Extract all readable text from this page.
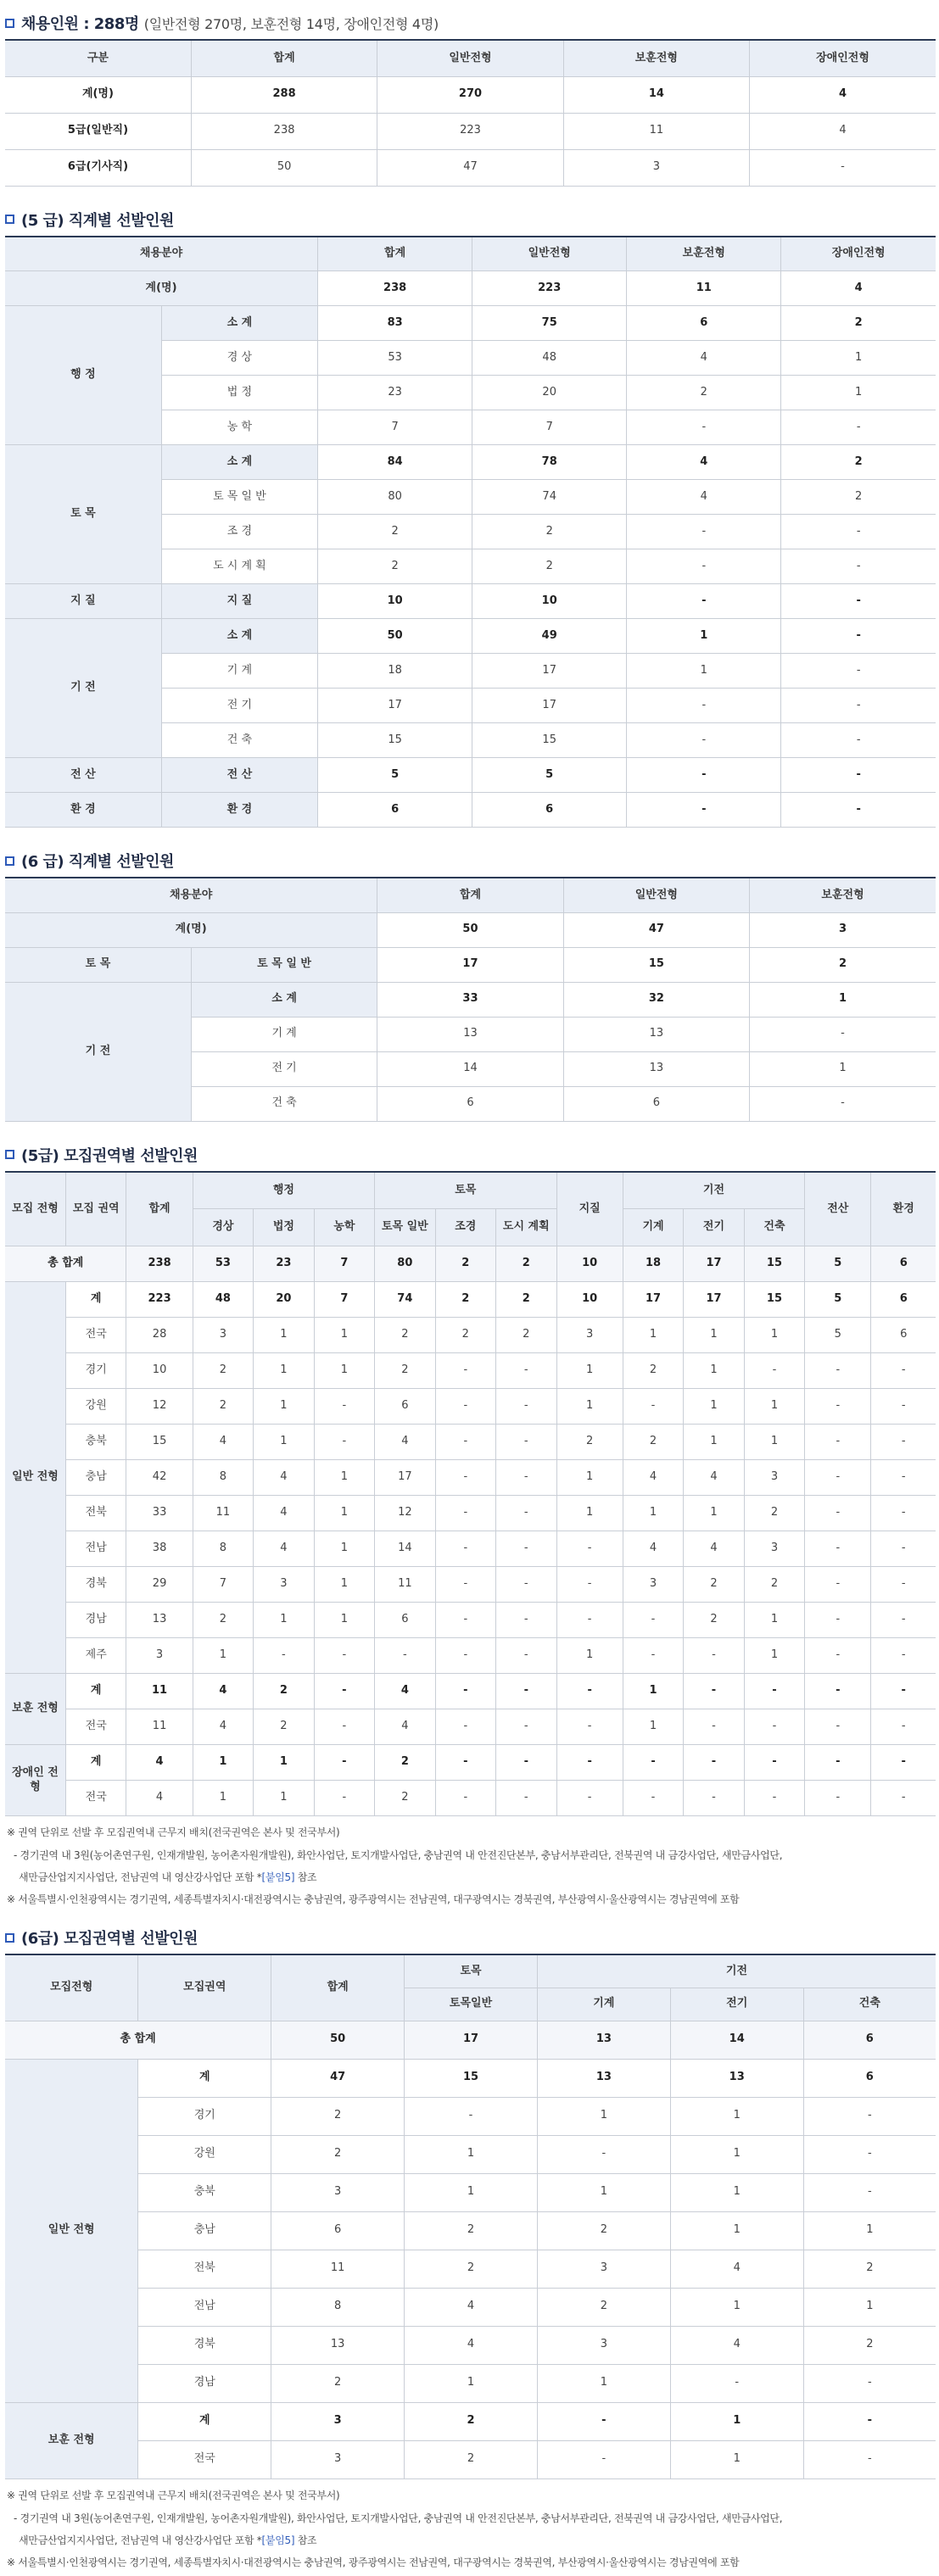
채용인원 : 288명 (일반전형 270명, 보훈전형 14명, 장애인전형 4명)
구분	합계	일반전형	보훈전형	장애인전형
계(명)	288	270	14	4
5급(일반직)	238	223	11	4
6급(기사직)	50	47	3	-
(5 급) 직계별 선발인원
채용분야		합계	일반전형	보훈전형	장애인전형
계(명)		238	223	11	4
행 정	소 계	83	75	6	2
	경 상	53	48	4	1
	법 정	23	20	2	1
	농 학	7	7	-	-
토 목	소 계	84	78	4	2
	토 목 일 반	80	74	4	2
	조 경	2	2	-	-
	도 시 계 획	2	2	-	-
지 질	지 질	10	10	-	-
기 전	소 계	50	49	1	-
	기 계	18	17	1	-
	전 기	17	17	-	-
	건 축	15	15	-	-
전 산	전 산	5	5	-	-
환 경	환 경	6	6	-	-
(6 급) 직계별 선발인원
채용분야		합계	일반전형	보훈전형
계(명)		50	47	3
토 목	토 목 일 반	17	15	2
기 전	소 계	33	32	1
	기 계	13	13	-
	전 기	14	13	1
	건 축	6	6	-
(5급) 모집권역별 선발인원
모집 전형	모집 권역	합계	행정			토목			지질	기전			전산	환경
			경상	법정	농학	토목 일반	조경	도시 계획		기계	전기	건축		
총 합계		238	53	23	7	80	2	2	10	18	17	15	5	6
일반 전형	계	223	48	20	7	74	2	2	10	17	17	15	5	6
	전국	28	3	1	1	2	2	2	3	1	1	1	5	6
	경기	10	2	1	1	2	-	-	1	2	1	-	-	-
	강원	12	2	1	-	6	-	-	1	-	1	1	-	-
	충북	15	4	1	-	4	-	-	2	2	1	1	-	-
	충남	42	8	4	1	17	-	-	1	4	4	3	-	-
	전북	33	11	4	1	12	-	-	1	1	1	2	-	-
	전남	38	8	4	1	14	-	-	-	4	4	3	-	-
	경북	29	7	3	1	11	-	-	-	3	2	2	-	-
	경남	13	2	1	1	6	-	-	-	-	2	1	-	-
	제주	3	1	-	-	-	-	-	1	-	-	1	-	-
보훈 전형	계	11	4	2	-	4	-	-	-	1	-	-	-	-
	전국	11	4	2	-	4	-	-	-	1	-	-	-	-
장애인 전형	계	4	1	1	-	2	-	-	-	-	-	-	-	-
	전국	4	1	1	-	2	-	-	-	-	-	-	-	-
※ 권역 단위로 선발 후 모집권역내 근무지 배치(전국권역은 본사 및 전국부서)
- 경기권역 내 3원(농어촌연구원, 인재개발원, 농어촌자원개발원), 화안사업단, 토지개발사업단, 충남권역 내 안전진단본부, 충남서부관리단, 전북권역 내 금강사업단, 새만금사업단,
새만금산업지지사업단, 전남권역 내 영산강사업단 포함 *[붙임5] 참조
※ 서울특별시·인천광역시는 경기권역, 세종특별자치시·대전광역시는 충남권역, 광주광역시는 전남권역, 대구광역시는 경북권역, 부산광역시·울산광역시는 경남권역에 포함
(6급) 모집권역별 선발인원
모집전형	모집권역	합계	토목	기전		
			토목일반	기계	전기	건축
총 합계		50	17	13	14	6
일반 전형	계	47	15	13	13	6
	경기	2	-	1	1	-
	강원	2	1	-	1	-
	충북	3	1	1	1	-
	충남	6	2	2	1	1
	전북	11	2	3	4	2
	전남	8	4	2	1	1
	경북	13	4	3	4	2
	경남	2	1	1	-	-
보훈 전형	계	3	2	-	1	-
	전국	3	2	-	1	-
※ 권역 단위로 선발 후 모집권역내 근무지 배치(전국권역은 본사 및 전국부서)
- 경기권역 내 3원(농어촌연구원, 인재개발원, 농어촌자원개발원), 화안사업단, 토지개발사업단, 충남권역 내 안전진단본부, 충남서부관리단, 전북권역 내 금강사업단, 새만금사업단,
새만금산업지지사업단, 전남권역 내 영산강사업단 포함 *[붙임5] 참조
※ 서울특별시·인천광역시는 경기권역, 세종특별자치시·대전광역시는 충남권역, 광주광역시는 전남권역, 대구광역시는 경북권역, 부산광역시·울산광역시는 경남권역에 포함
